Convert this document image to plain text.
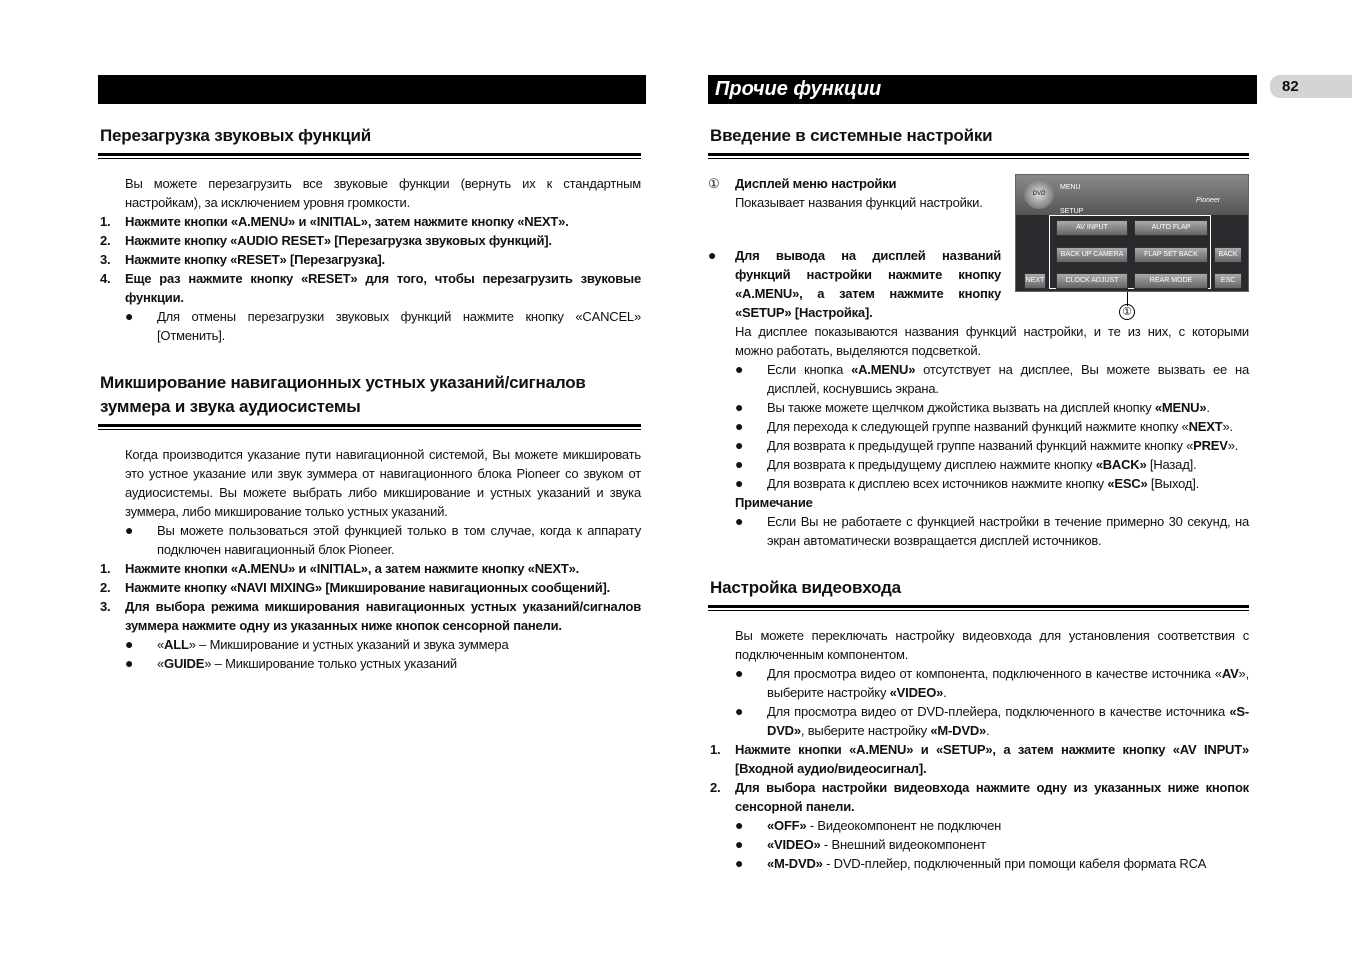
Прочие функции	82
Перезагрузка звуковых функций
Вы можете перезагрузить все звуковые функции (вернуть их к стандартным настройкам), за исключением уровня громкости.
1. Нажмите кнопки «A.MENU» и «INITIAL», затем нажмите кнопку «NEXT».
2. Нажмите кнопку «AUDIO RESET» [Перезагрузка звуковых функций].
3. Нажмите кнопку «RESET» [Перезагрузка].
4. Еще раз нажмите кнопку «RESET» для того, чтобы перезагрузить звуковые функции.
● Для отмены перезагрузки звуковых функций нажмите кнопку «CANCEL» [Отменить].
Микширование навигационных устных указаний/сигналов зуммера и звука аудиосистемы
Когда производится указание пути навигационной системой, Вы можете микшировать это устное указание или звук зуммера от навигационного блока Pioneer со звуком от аудиосистемы. Вы можете выбрать либо микширование и устных указаний и звука зуммера, либо микширование только устных указаний.
● Вы можете пользоваться этой функцией только в том случае, когда к аппарату подключен навигационный блок Pioneer.
1. Нажмите кнопки «A.MENU» и «INITIAL», а затем нажмите кнопку «NEXT».
2. Нажмите кнопку «NAVI MIXING» [Микширование навигационных сообщений].
3. Для выбора режима микширования навигационных устных указаний/сигналов зуммера нажмите одну из указанных ниже кнопок сенсорной панели.
● «ALL» – Микширование и устных указаний и звука зуммера
● «GUIDE» – Микширование только устных указаний
Введение в системные настройки
DVD
MENU
SETUP
Pioneer
AV INPUT	AUTO FLAP
BACK UP CAMERA	FLAP SET BACK
CLOCK ADJUST	REAR MODE
NEXT
BACK
ESC
①
① Дисплей меню настройки
Показывает названия функций настройки.
● Для вывода на дисплей названий функций настройки нажмите кнопку «A.MENU», а затем нажмите кнопку «SETUP» [Настройка].
На дисплее показываются названия функций настройки, и те из них, с которыми можно работать, выделяются подсветкой.
● Если кнопка «A.MENU» отсутствует на дисплее, Вы можете вызвать ее на дисплей, коснувшись экрана.
● Вы также можете щелчком джойстика вызвать на дисплей кнопку «MENU».
● Для перехода к следующей группе названий функций нажмите кнопку «NEXT».
● Для возврата к предыдущей группе названий функций нажмите кнопку «PREV».
● Для возврата к предыдущему дисплею нажмите кнопку «BACK» [Назад].
● Для возврата к дисплею всех источников нажмите кнопку «ESC» [Выход].
Примечание
● Если Вы не работаете с функцией настройки в течение примерно 30 секунд, на экран автоматически возвращается дисплей источников.
Настройка видеовхода
Вы можете переключать настройку видеовхода для установления соответствия с подключенным компонентом.
● Для просмотра видео от компонента, подключенного в качестве источника «AV», выберите настройку «VIDEO».
● Для просмотра видео от DVD-плейера, подключенного в качестве источника «S-DVD», выберите настройку «M-DVD».
1. Нажмите кнопки «A.MENU» и «SETUP», а затем нажмите кнопку «AV INPUT» [Входной аудио/видеосигнал].
2. Для выбора настройки видеовхода нажмите одну из указанных ниже кнопок сенсорной панели.
● «OFF» - Видеокомпонент не подключен
● «VIDEO» - Внешний видеокомпонент
● «M-DVD» - DVD-плейер, подключенный при помощи кабеля формата RCA
